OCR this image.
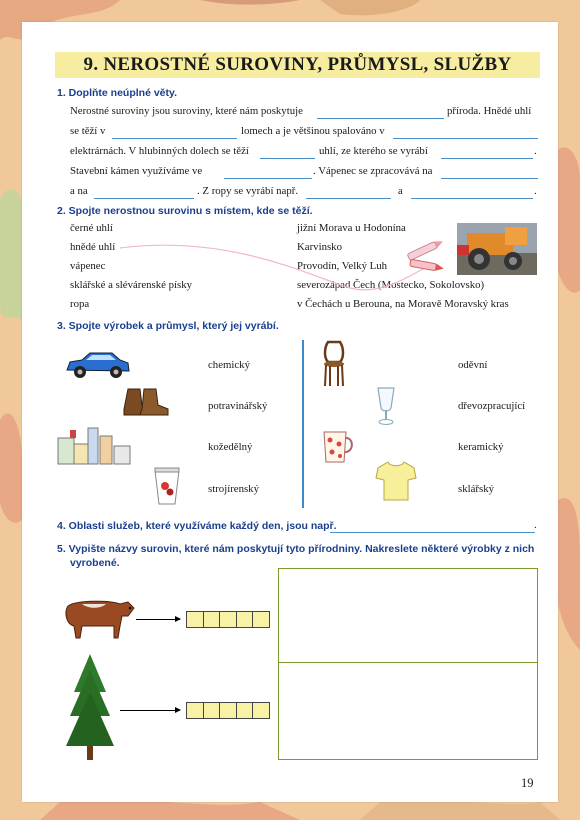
9. NEROSTNÉ SUROVINY, PRŮMYSL, SLUŽBY
1. Doplňte neúplné věty.
Nerostné suroviny jsou suroviny, které nám poskytuje	přírodа. Hnědé uhlí
se těží v	lomech a je většinou spalováno v
elektrárnách. V hlubinných dolech se těží	uhlí, ze kterého se vyrábí	.
Stavební kámen využíváme ve	. Vápenec se zpracovává na
a na	. Z ropy se vyrábí např.	a	.
2. Spojte nerostnou surovinu s místem, kde se těží.
černé uhlí
hnědé uhlí
vápenec
sklářské a slévárenské písky
ropa
jižní Morava u Hodonína
Karvinsko
Provodín, Velký Luh
severozápad Čech (Mostecko, Sokolovsko)
v Čechách u Berouna, na Moravě Moravský kras
3. Spojte výrobek a průmysl, který jej vyrábí.
chemický
potravinářský
kožedělný
strojírenský
oděvní
dřevozpracující
keramický
sklářský
4. Oblasti služeb, které využíváme každý den, jsou např.	.
5. Vypište názvy surovin, které nám poskytují tyto přírodniny. Nakreslete některé výrobky z nich
vyrobené.
19
